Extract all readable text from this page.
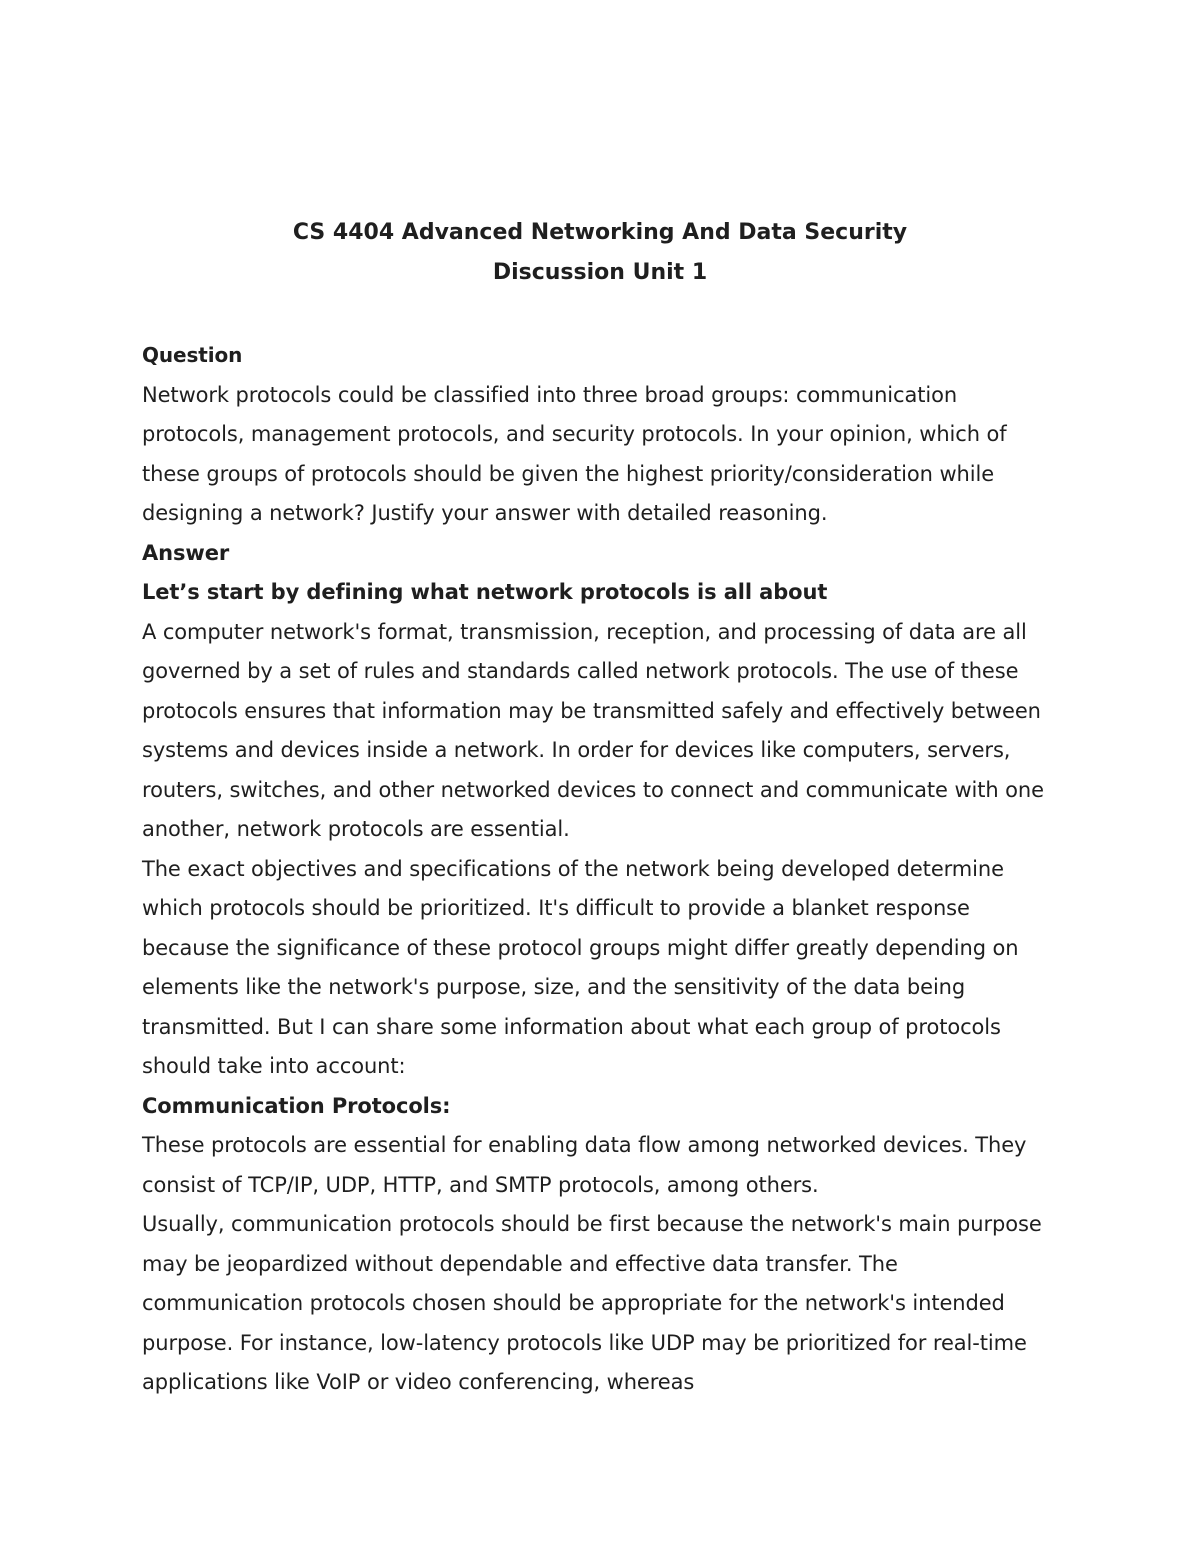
CS 4404 Advanced Networking And Data Security
Discussion Unit 1
Question

Network protocols could be classified into three broad groups: communication protocols, management protocols, and security protocols. In your opinion, which of these groups of protocols should be given the highest priority/consideration while designing a network? Justify your answer with detailed reasoning.

Answer
Let’s start by defining what network protocols is all about

A computer network's format, transmission, reception, and processing of data are all governed by a set of rules and standards called network protocols. The use of these protocols ensures that information may be transmitted safely and effectively between systems and devices inside a network. In order for devices like computers, servers, routers, switches, and other networked devices to connect and communicate with one another, network protocols are essential.

The exact objectives and specifications of the network being developed determine which protocols should be prioritized. It's difficult to provide a blanket response because the significance of these protocol groups might differ greatly depending on elements like the network's purpose, size, and the sensitivity of the data being transmitted. But I can share some information about what each group of protocols should take into account:

Communication Protocols:

These protocols are essential for enabling data flow among networked devices. They consist of TCP/IP, UDP, HTTP, and SMTP protocols, among others.

Usually, communication protocols should be first because the network's main purpose may be jeopardized without dependable and effective data transfer. The communication protocols chosen should be appropriate for the network's intended purpose. For instance, low-latency protocols like UDP may be prioritized for real-time applications like VoIP or video conferencing, whereas
